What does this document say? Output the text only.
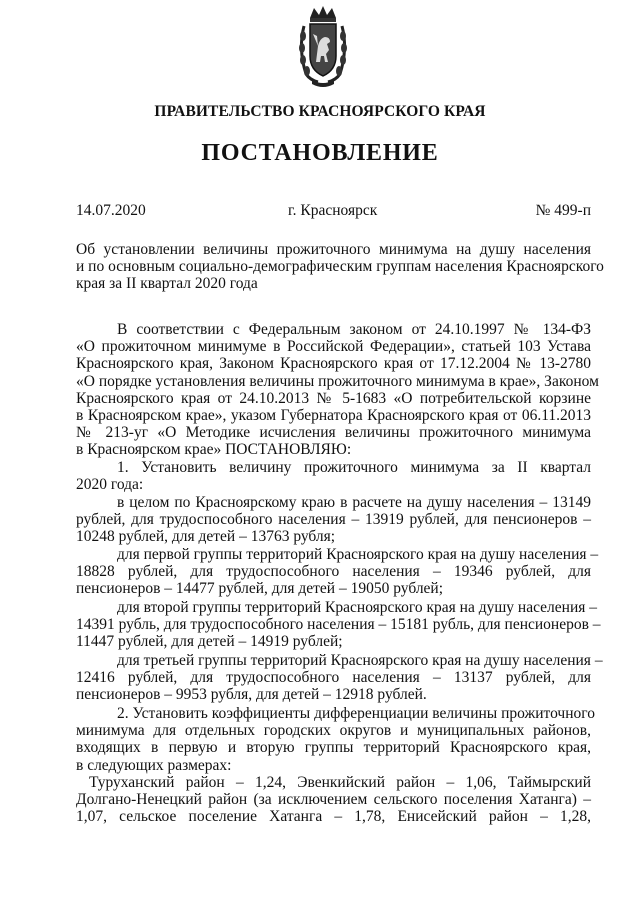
ПРАВИТЕЛЬСТВО КРАСНОЯРСКОГО КРАЯ
ПОСТАНОВЛЕНИЕ
14.07.2020	г. Красноярск	№ 499-п
Об установлении величины прожиточного минимума на душу населения
и по основным социально-демографическим группам населения Красноярского
края за II квартал 2020 года
В соответствии с Федеральным законом от 24.10.1997 № 134-ФЗ
«О прожиточном минимуме в Российской Федерации», статьей 103 Устава
Красноярского края, Законом Красноярского края от 17.12.2004 № 13-2780
«О порядке установления величины прожиточного минимума в крае», Законом
Красноярского края от 24.10.2013 № 5-1683 «О потребительской корзине
в Красноярском крае», указом Губернатора Красноярского края от 06.11.2013
№ 213-уг «О Методике исчисления величины прожиточного минимума
в Красноярском крае» ПОСТАНОВЛЯЮ:
1. Установить величину прожиточного минимума за II квартал
2020 года:
в целом по Красноярскому краю в расчете на душу населения – 13149
рублей, для трудоспособного населения – 13919 рублей, для пенсионеров –
10248 рублей, для детей – 13763 рубля;
для первой группы территорий Красноярского края на душу населения –
18828 рублей, для трудоспособного населения – 19346 рублей, для
пенсионеров – 14477 рублей, для детей – 19050 рублей;
для второй группы территорий Красноярского края на душу населения –
14391 рубль, для трудоспособного населения – 15181 рубль, для пенсионеров –
11447 рублей, для детей – 14919 рублей;
для третьей группы территорий Красноярского края на душу населения –
12416 рублей, для трудоспособного населения – 13137 рублей, для
пенсионеров – 9953 рубля, для детей – 12918 рублей.
2. Установить коэффициенты дифференциации величины прожиточного
минимума для отдельных городских округов и муниципальных районов,
входящих в первую и вторую группы территорий Красноярского края,
в следующих размерах:
Туруханский район – 1,24, Эвенкийский район – 1,06, Таймырский
Долгано-Ненецкий район (за исключением сельского поселения Хатанга) –
1,07, сельское поселение Хатанга – 1,78, Енисейский район – 1,28,
